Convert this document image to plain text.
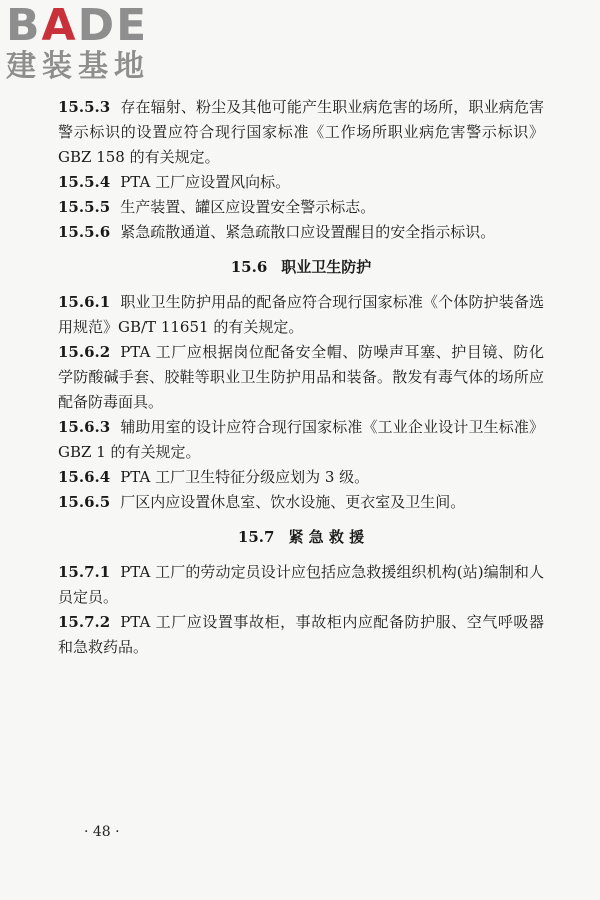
BADE
建装基地

15.5.3 存在辐射、粉尘及其他可能产生职业病危害的场所，职业病危害警示标识的设置应符合现行国家标准《工作场所职业病危害警示标识》GBZ 158 的有关规定。

15.5.4 PTA 工厂应设置风向标。

15.5.5 生产装置、罐区应设置安全警示标志。

15.5.6 紧急疏散通道、紧急疏散口应设置醒目的安全指示标识。

15.6 职业卫生防护

15.6.1 职业卫生防护用品的配备应符合现行国家标准《个体防护装备选用规范》GB/T 11651 的有关规定。

15.6.2 PTA 工厂应根据岗位配备安全帽、防噪声耳塞、护目镜、防化学防酸碱手套、胶鞋等职业卫生防护用品和装备。散发有毒气体的场所应配备防毒面具。

15.6.3 辅助用室的设计应符合现行国家标准《工业企业设计卫生标准》GBZ 1 的有关规定。

15.6.4 PTA 工厂卫生特征分级应划为 3 级。

15.6.5 厂区内应设置休息室、饮水设施、更衣室及卫生间。

15.7 紧 急 救 援

15.7.1 PTA 工厂的劳动定员设计应包括应急救援组织机构(站)编制和人员定员。

15.7.2 PTA 工厂应设置事故柜，事故柜内应配备防护服、空气呼吸器和急救药品。

· 48 ·
